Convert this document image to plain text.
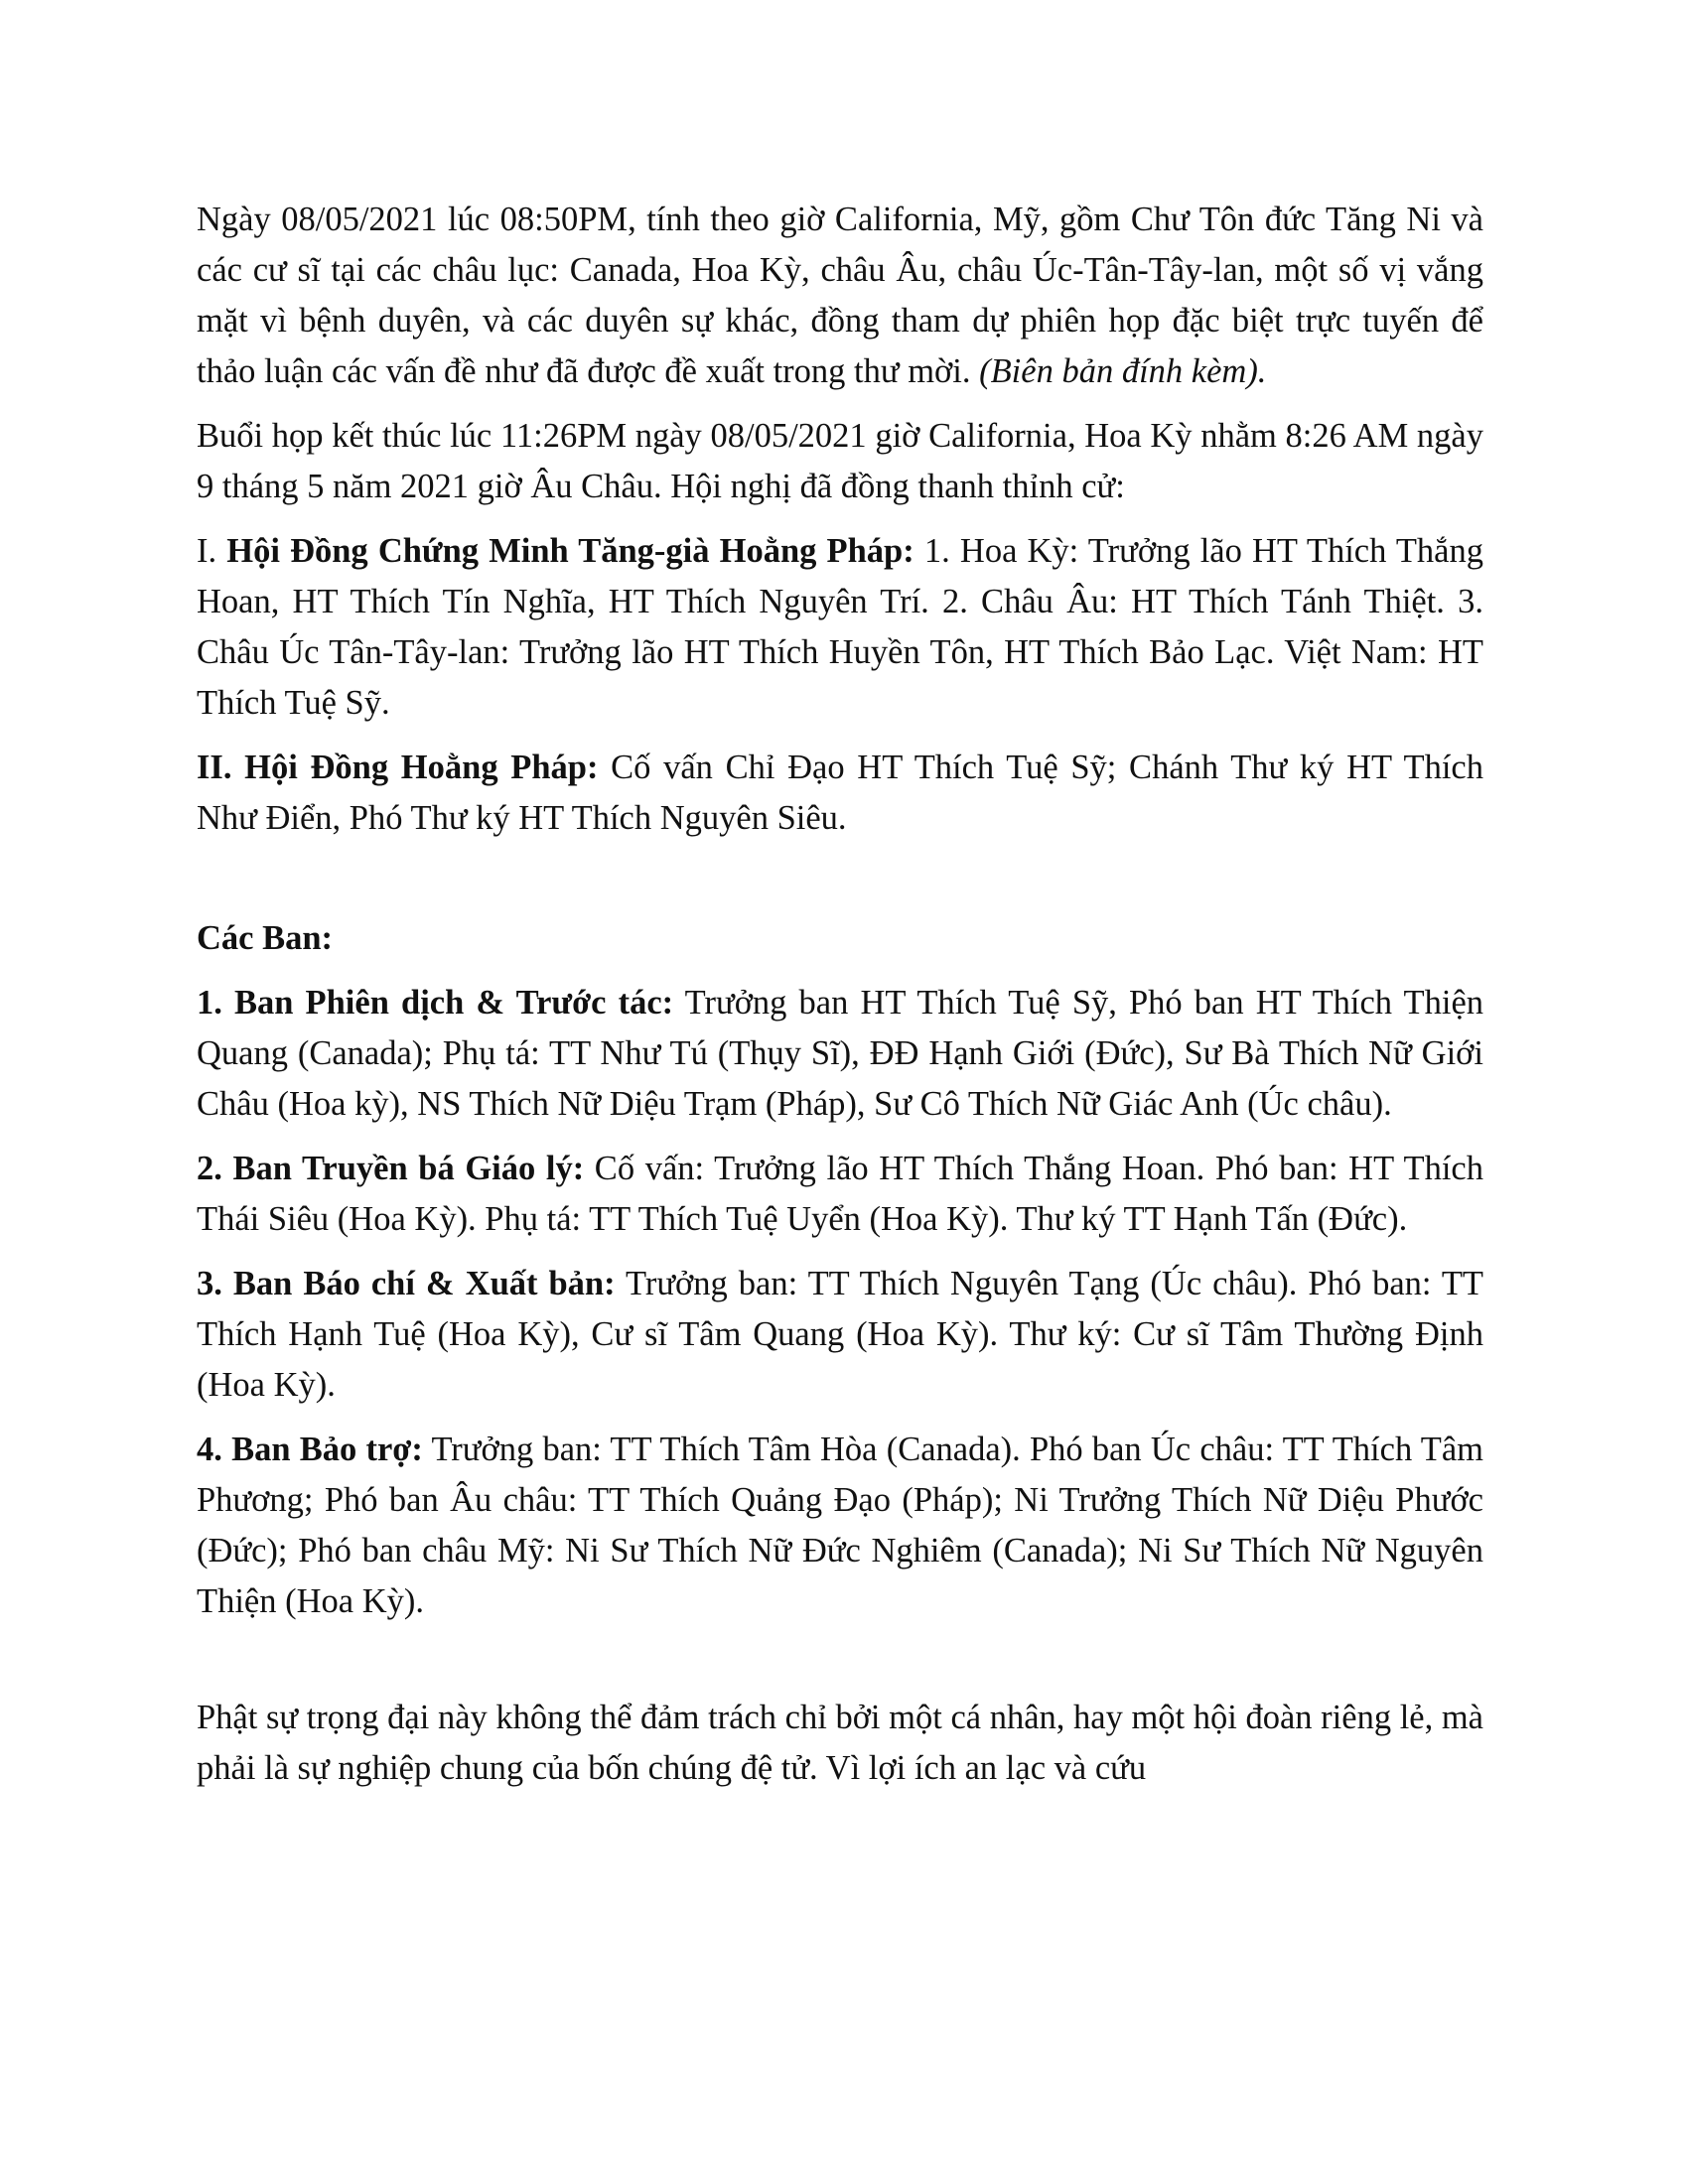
Ngày 08/05/2021 lúc 08:50PM, tính theo giờ California, Mỹ, gồm Chư Tôn đức Tăng Ni và các cư sĩ tại các châu lục: Canada, Hoa Kỳ, châu Âu, châu Úc-Tân-Tây-lan, một số vị vắng mặt vì bệnh duyên, và các duyên sự khác, đồng tham dự phiên họp đặc biệt trực tuyến để thảo luận các vấn đề như đã được đề xuất trong thư mời. (Biên bản đính kèm).

Buổi họp kết thúc lúc 11:26PM ngày 08/05/2021 giờ California, Hoa Kỳ nhằm 8:26 AM ngày 9 tháng 5 năm 2021 giờ Âu Châu. Hội nghị đã đồng thanh thỉnh cử:

I. Hội Đồng Chứng Minh Tăng-già Hoằng Pháp: 1. Hoa Kỳ: Trưởng lão HT Thích Thắng Hoan, HT Thích Tín Nghĩa, HT Thích Nguyên Trí. 2. Châu Âu: HT Thích Tánh Thiệt. 3. Châu Úc Tân-Tây-lan: Trưởng lão HT Thích Huyền Tôn, HT Thích Bảo Lạc. Việt Nam: HT Thích Tuệ Sỹ.

II. Hội Đồng Hoằng Pháp: Cố vấn Chỉ Đạo HT Thích Tuệ Sỹ; Chánh Thư ký HT Thích Như Điển, Phó Thư ký HT Thích Nguyên Siêu.

Các Ban:

1. Ban Phiên dịch & Trước tác: Trưởng ban HT Thích Tuệ Sỹ, Phó ban HT Thích Thiện Quang (Canada); Phụ tá: TT Như Tú (Thụy Sĩ), ĐĐ Hạnh Giới (Đức), Sư Bà Thích Nữ Giới Châu (Hoa kỳ), NS Thích Nữ Diệu Trạm (Pháp), Sư Cô Thích Nữ Giác Anh (Úc châu).

2. Ban Truyền bá Giáo lý: Cố vấn: Trưởng lão HT Thích Thắng Hoan. Phó ban: HT Thích Thái Siêu (Hoa Kỳ). Phụ tá: TT Thích Tuệ Uyển (Hoa Kỳ). Thư ký TT Hạnh Tấn (Đức).

3. Ban Báo chí & Xuất bản: Trưởng ban: TT Thích Nguyên Tạng (Úc châu). Phó ban: TT Thích Hạnh Tuệ (Hoa Kỳ), Cư sĩ Tâm Quang (Hoa Kỳ). Thư ký: Cư sĩ Tâm Thường Định (Hoa Kỳ).

4. Ban Bảo trợ: Trưởng ban: TT Thích Tâm Hòa (Canada). Phó ban Úc châu: TT Thích Tâm Phương; Phó ban Âu châu: TT Thích Quảng Đạo (Pháp); Ni Trưởng Thích Nữ Diệu Phước (Đức); Phó ban châu Mỹ: Ni Sư Thích Nữ Đức Nghiêm (Canada); Ni Sư Thích Nữ Nguyên Thiện (Hoa Kỳ).

Phật sự trọng đại này không thể đảm trách chỉ bởi một cá nhân, hay một hội đoàn riêng lẻ, mà phải là sự nghiệp chung của bốn chúng đệ tử. Vì lợi ích an lạc và cứu
